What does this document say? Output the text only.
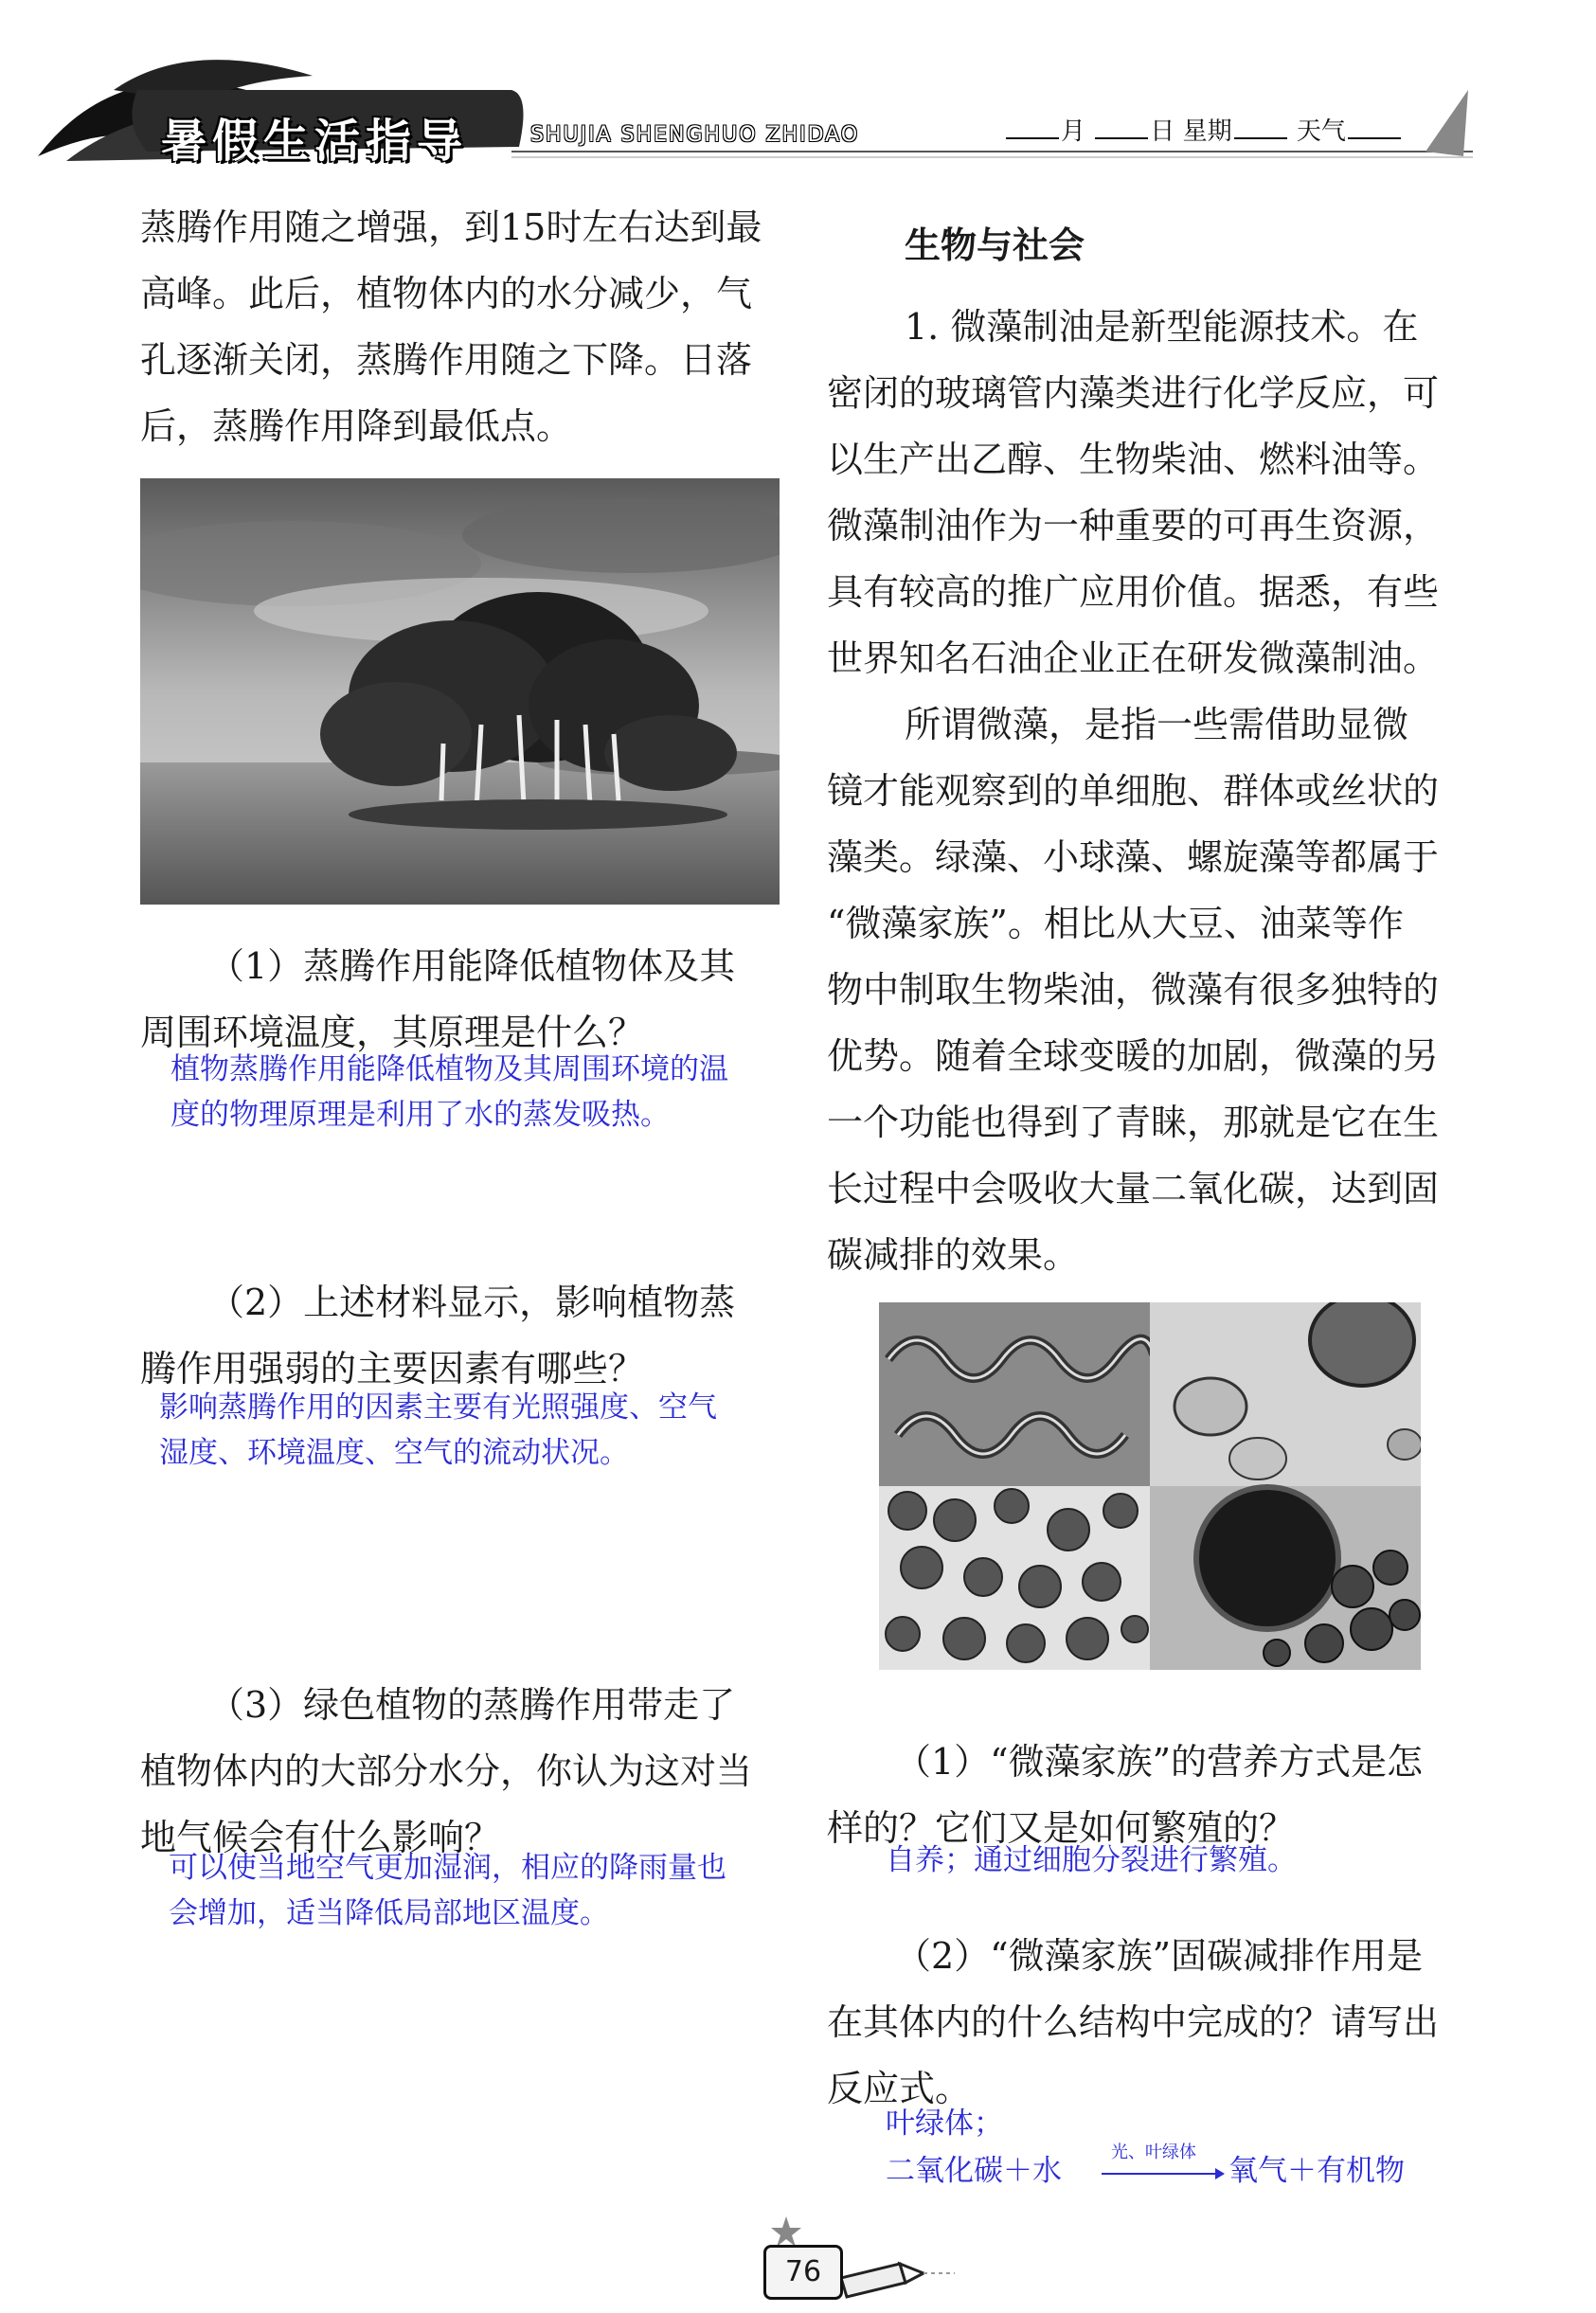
暑假生活指导	SHUJIA SHENGHUO ZHIDAO	月	日 星期	天气

蒸腾作用随之增强，到15时左右达到最

高峰。此后，植物体内的水分减少，气

孔逐渐关闭，蒸腾作用随之下降。日落

后，蒸腾作用降到最低点。

（1）蒸腾作用能降低植物体及其

周围环境温度，其原理是什么？

植物蒸腾作用能降低植物及其周围环境的温

度的物理原理是利用了水的蒸发吸热。

（2）上述材料显示，影响植物蒸

腾作用强弱的主要因素有哪些？

影响蒸腾作用的因素主要有光照强度、空气

湿度、环境温度、空气的流动状况。

（3）绿色植物的蒸腾作用带走了

植物体内的大部分水分，你认为这对当

地气候会有什么影响？

可以使当地空气更加湿润，相应的降雨量也

会增加，适当降低局部地区温度。

生物与社会

1. 微藻制油是新型能源技术。在

密闭的玻璃管内藻类进行化学反应，可

以生产出乙醇、生物柴油、燃料油等。

微藻制油作为一种重要的可再生资源，

具有较高的推广应用价值。据悉，有些

世界知名石油企业正在研发微藻制油。

所谓微藻，是指一些需借助显微

镜才能观察到的单细胞、群体或丝状的

藻类。绿藻、小球藻、螺旋藻等都属于

“微藻家族”。相比从大豆、油菜等作

物中制取生物柴油，微藻有很多独特的

优势。随着全球变暖的加剧，微藻的另

一个功能也得到了青睐，那就是它在生

长过程中会吸收大量二氧化碳，达到固

碳减排的效果。

（1）“微藻家族”的营养方式是怎

样的？它们又是如何繁殖的？

自养；通过细胞分裂进行繁殖。

（2）“微藻家族”固碳减排作用是

在其体内的什么结构中完成的？请写出

反应式。

叶绿体；

二氧化碳＋水
光、叶绿体
氧气＋有机物
76
